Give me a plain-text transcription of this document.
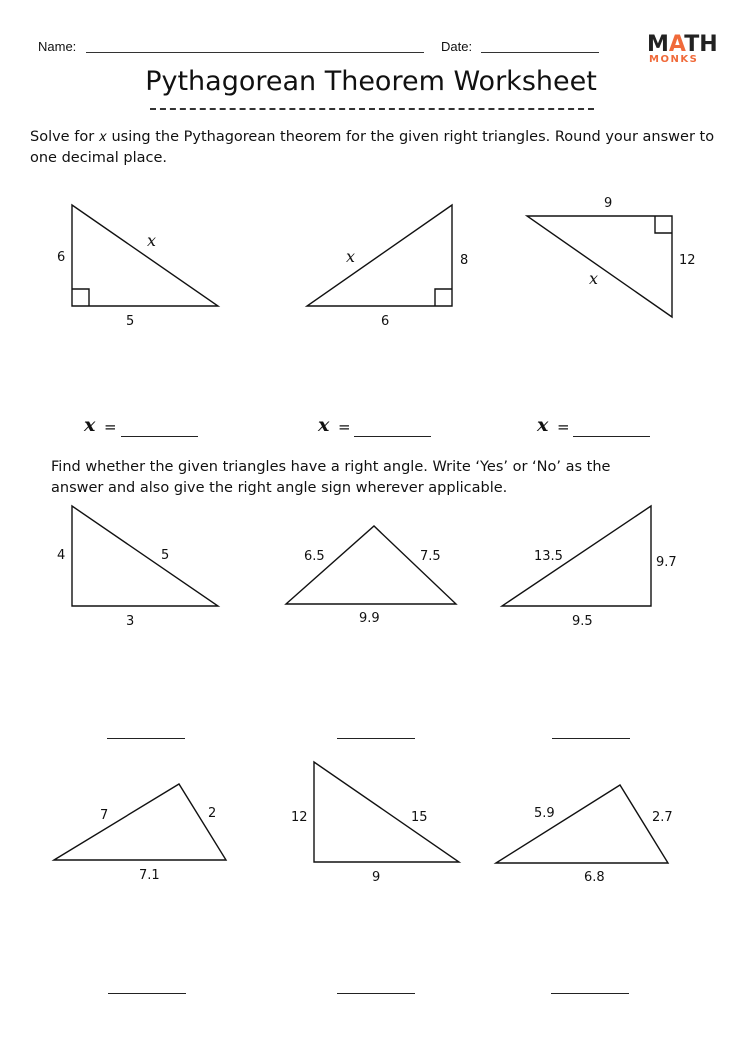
Name:	Date:	MATH
MONKS
Pythagorean Theorem Worksheet
Solve for 𝑥 using the Pythagorean theorem for the given right triangles. Round your answer to one decimal place.
6
5
x
x	8
6
9
12
x
x =	x =	x =
Find whether the given triangles have a right angle. Write ‘Yes’ or ‘No’ as the answer and also give the right angle sign wherever applicable.
4	5
3
6.5	7.5
9.9
13.5	9.7
9.5
7	2
7.1
12	15
9
5.9	2.7
6.8
